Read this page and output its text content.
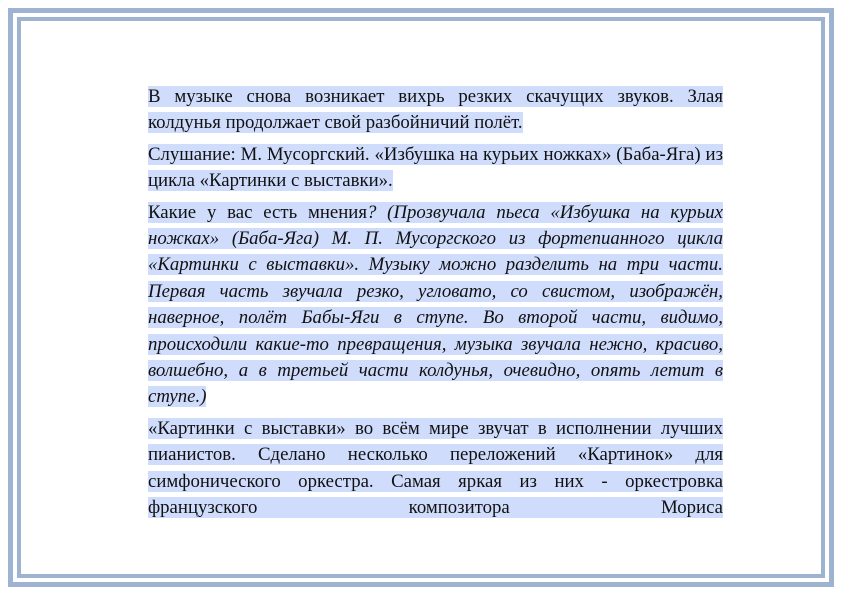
В музыке снова возникает вихрь резких скачущих звуков. Злая колдунья продолжает свой разбойничий полёт.

Слушание: М. Мусоргский. «Избушка на курьих ножках» (Баба-Яга) из цикла «Картинки с выставки».

Какие у вас есть мнения? (Прозвучала пьеса «Избушка на курьих ножках» (Баба-Яга) М. П. Мусоргского из фортепианного цикла «Картинки с выставки». Музыку можно разделить на три части. Первая часть звучала резко, угловато, со свистом, изображён, наверное, полёт Бабы-Яги в ступе. Во второй части, видимо, происходили какие-то превращения, музыка звучала нежно, красиво, волшебно, а в третьей части колдунья, очевидно, опять летит в ступе.)

«Картинки с выставки» во всём мире звучат в исполнении лучших пианистов. Сделано несколько переложений «Картинок» для симфонического оркестра. Самая яркая из них - оркестровка французского композитора Мориса
